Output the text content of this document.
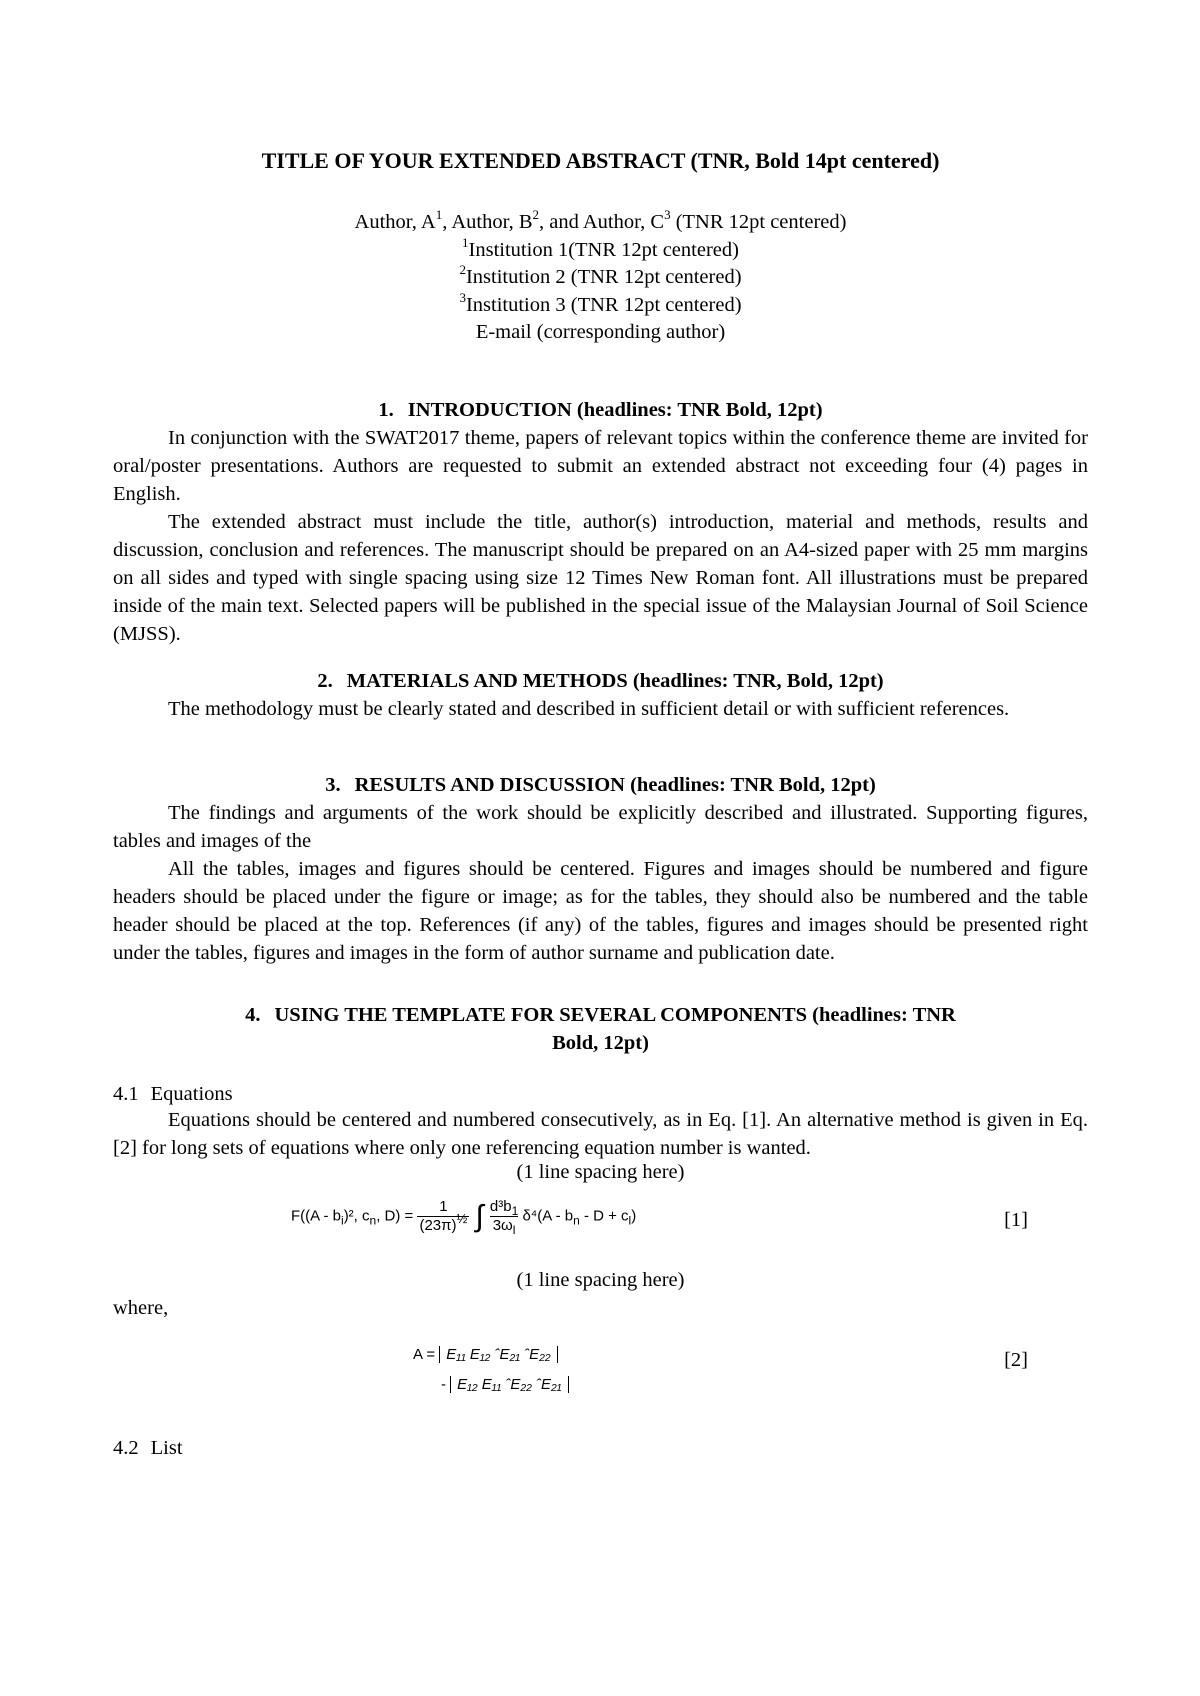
TITLE OF YOUR EXTENDED ABSTRACT (TNR, Bold 14pt centered)
Author, $A^1$, Author, $B^2$, and Author, $C^3$ (TNR 12pt centered)
$^1$Institution 1(TNR 12pt centered)
$^2$Institution 2 (TNR 12pt centered)
$^3$Institution 3 (TNR 12pt centered)
E-mail (corresponding author)
1. INTRODUCTION (headlines: TNR Bold, 12pt)

In conjunction with the SWAT2017 theme, papers of relevant topics within the conference theme are invited for oral/poster presentations. Authors are requested to submit an extended abstract not exceeding four (4) pages in English.

The extended abstract must include the title, author(s) introduction, material and methods, results and discussion, conclusion and references. The manuscript should be prepared on an A4-sized paper with 25 mm margins on all sides and typed with single spacing using size 12 Times New Roman font. All illustrations must be prepared inside of the main text. Selected papers will be published in the special issue of the Malaysian Journal of Soil Science (MJSS).

2. MATERIALS AND METHODS (headlines: TNR, Bold, 12pt)

The methodology must be clearly stated and described in sufficient detail or with sufficient references.

3. RESULTS AND DISCUSSION (headlines: TNR Bold, 12pt)

The findings and arguments of the work should be explicitly described and illustrated. Supporting figures, tables and images of the

All the tables, images and figures should be centered. Figures and images should be numbered and figure headers should be placed under the figure or image; as for the tables, they should also be numbered and the table header should be placed at the top. References (if any) of the tables, figures and images should be presented right under the tables, figures and images in the form of author surname and publication date.

4. USING THE TEMPLATE FOR SEVERAL COMPONENTS (headlines: TNR
Bold, 12pt)
4.1 Equations

Equations should be centered and numbered consecutively, as in Eq. [1]. An alternative method is given in Eq. [2] for long sets of equations where only one referencing equation number is wanted.

(1 line spacing here)
$F((A - b_i)^2$, $c_n$, $D) = \frac{1}{(23\pi)^{\frac{1}{2}}}$ ∫ $\frac{d^3b_1}{3\omega_l} \delta^4(A - b_n - D + c_l)$	[1]
(1 line spacing here)
where,
A = E₁₁ E₁₂ ˆE₂₁ ˆE₂₂
- E₁₂ E₁₁ ˆE₂₂ ˆE₂₁
[2]
4.2 List
